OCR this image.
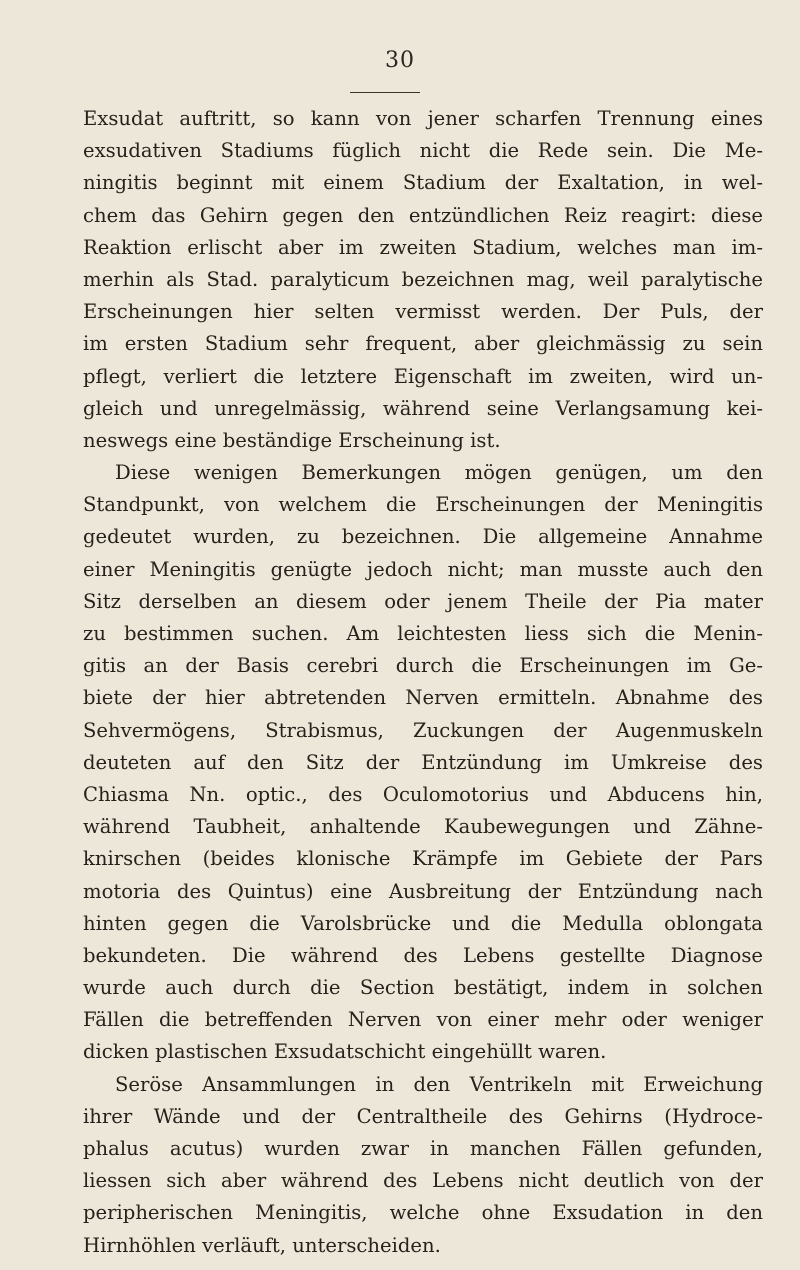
30
Exsudat auftritt, so kann von jener scharfen Trennung eines
exsudativen Stadiums füglich nicht die Rede sein. Die Me-
ningitis beginnt mit einem Stadium der Exaltation, in wel-
chem das Gehirn gegen den entzündlichen Reiz reagirt: diese
Reaktion erlischt aber im zweiten Stadium, welches man im-
merhin als Stad. paralyticum bezeichnen mag, weil paralytische
Erscheinungen hier selten vermisst werden. Der Puls, der
im ersten Stadium sehr frequent, aber gleichmässig zu sein
pflegt, verliert die letztere Eigenschaft im zweiten, wird un-
gleich und unregelmässig, während seine Verlangsamung kei-
neswegs eine beständige Erscheinung ist.
Diese wenigen Bemerkungen mögen genügen, um den
Standpunkt, von welchem die Erscheinungen der Meningitis
gedeutet wurden, zu bezeichnen. Die allgemeine Annahme
einer Meningitis genügte jedoch nicht; man musste auch den
Sitz derselben an diesem oder jenem Theile der Pia mater
zu bestimmen suchen. Am leichtesten liess sich die Menin-
gitis an der Basis cerebri durch die Erscheinungen im Ge-
biete der hier abtretenden Nerven ermitteln. Abnahme des
Sehvermögens, Strabismus, Zuckungen der Augenmuskeln
deuteten auf den Sitz der Entzündung im Umkreise des
Chiasma Nn. optic., des Oculomotorius und Abducens hin,
während Taubheit, anhaltende Kaubewegungen und Zähne-
knirschen (beides klonische Krämpfe im Gebiete der Pars
motoria des Quintus) eine Ausbreitung der Entzündung nach
hinten gegen die Varolsbrücke und die Medulla oblongata
bekundeten. Die während des Lebens gestellte Diagnose
wurde auch durch die Section bestätigt, indem in solchen
Fällen die betreffenden Nerven von einer mehr oder weniger
dicken plastischen Exsudatschicht eingehüllt waren.
Seröse Ansammlungen in den Ventrikeln mit Erweichung
ihrer Wände und der Centraltheile des Gehirns (Hydroce-
phalus acutus) wurden zwar in manchen Fällen gefunden,
liessen sich aber während des Lebens nicht deutlich von der
peripherischen Meningitis, welche ohne Exsudation in den
Hirnhöhlen verläuft, unterscheiden.
